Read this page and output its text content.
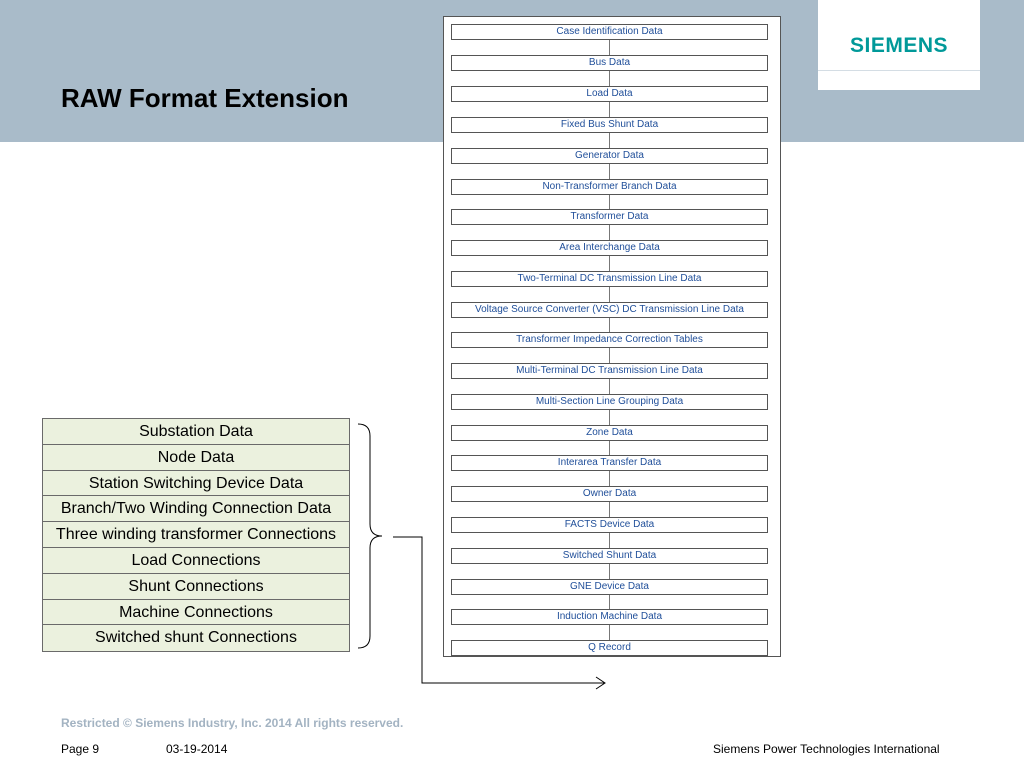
SIEMENS
RAW Format Extension
Case Identification Data
Bus Data
Load Data
Fixed Bus Shunt Data
Generator Data
Non-Transformer Branch Data
Transformer Data
Area Interchange Data
Two-Terminal DC Transmission Line Data
Voltage Source Converter (VSC) DC Transmission Line Data
Transformer Impedance Correction Tables
Multi-Terminal DC Transmission Line Data
Multi-Section Line Grouping Data
Zone Data
Interarea Transfer Data
Owner Data
FACTS Device Data
Switched Shunt Data
GNE Device Data
Induction Machine Data
Q Record
Substation Data
Node Data
Station Switching Device Data
Branch/Two Winding Connection Data
Three winding transformer Connections
Load Connections
Shunt Connections
Machine Connections
Switched shunt Connections
Restricted © Siemens Industry, Inc. 2014 All rights reserved.
Page 9	03-19-2014	Siemens Power Technologies International
